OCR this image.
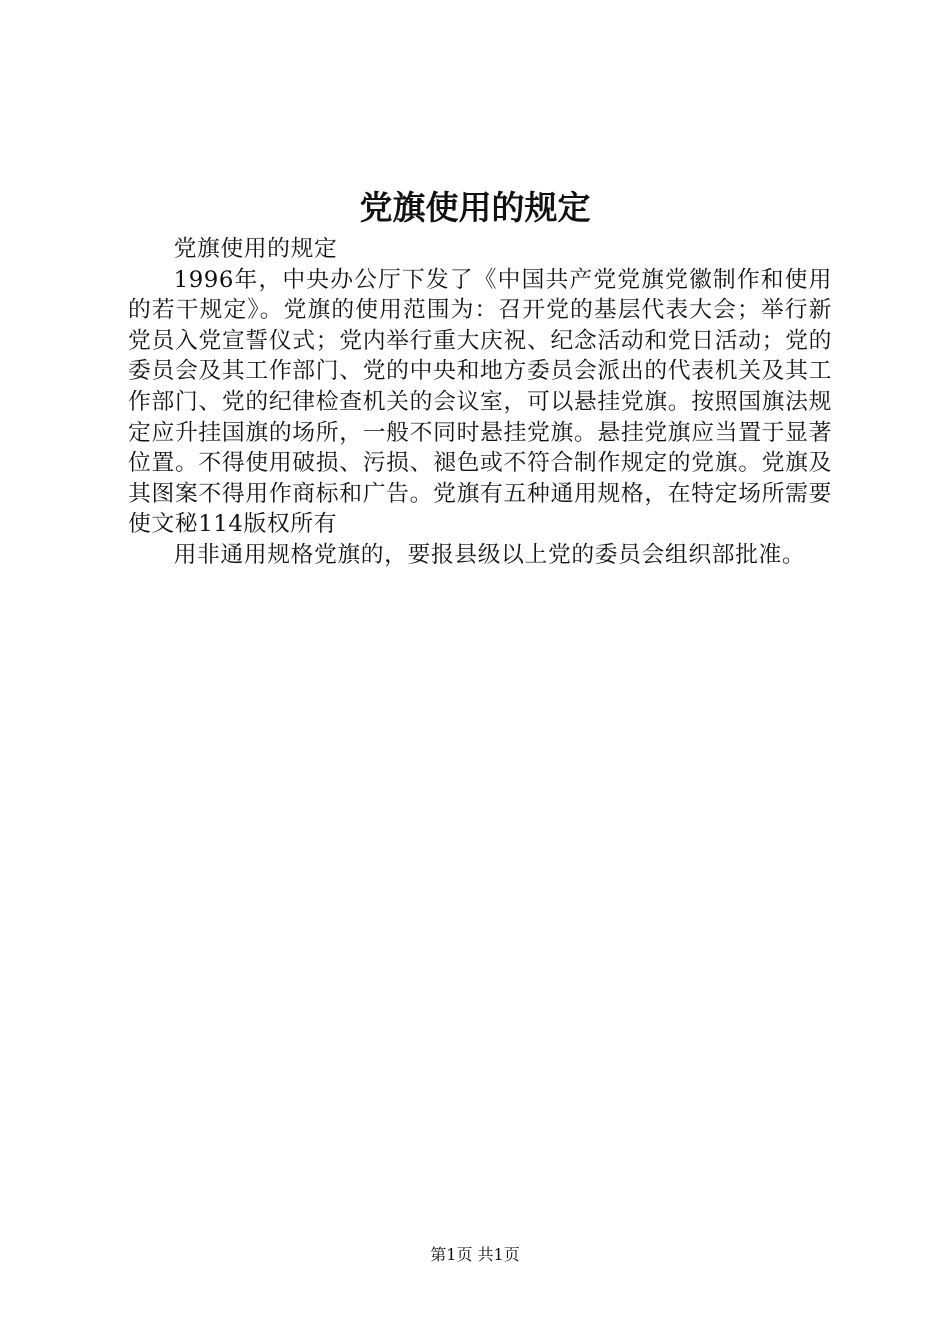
党旗使用的规定

党旗使用的规定

1996年，中央办公厅下发了《中国共产党党旗党徽制作和使用的若干规定》。党旗的使用范围为：召开党的基层代表大会；举行新党员入党宣誓仪式；党内举行重大庆祝、纪念活动和党日活动；党的委员会及其工作部门、党的中央和地方委员会派出的代表机关及其工作部门、党的纪律检查机关的会议室，可以悬挂党旗。按照国旗法规定应升挂国旗的场所，一般不同时悬挂党旗。悬挂党旗应当置于显著位置。不得使用破损、污损、褪色或不符合制作规定的党旗。党旗及其图案不得用作商标和广告。党旗有五种通用规格，在特定场所需要使文秘114版权所有

用非通用规格党旗的，要报县级以上党的委员会组织部批准。

第1页 共1页
